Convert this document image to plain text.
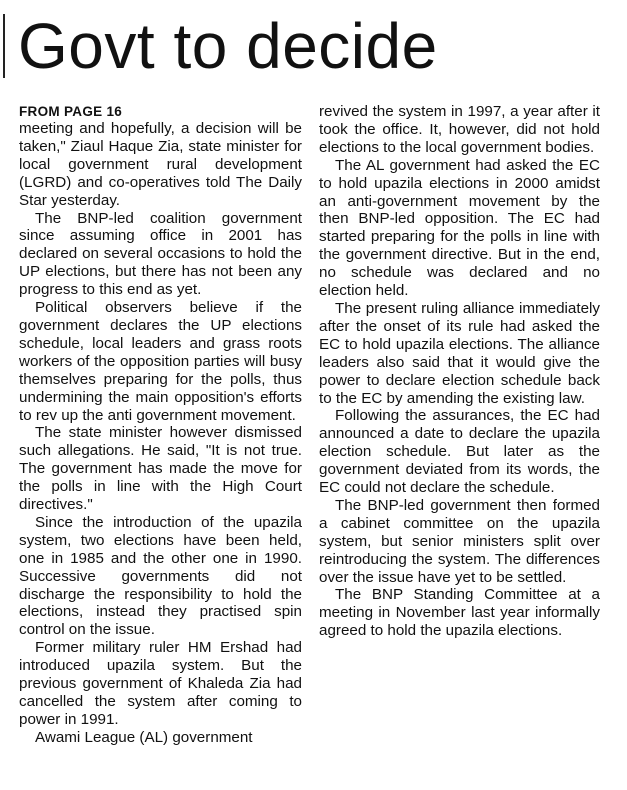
Govt to decide
FROM PAGE 16

meeting and hopefully, a decision will be taken," Ziaul Haque Zia, state minister for local government rural development (LGRD) and co-operatives told The Daily Star yesterday.

The BNP-led coalition government since assuming office in 2001 has declared on several occasions to hold the UP elections, but there has not been any progress to this end as yet.

Political observers believe if the government declares the UP elections schedule, local leaders and grass roots workers of the opposition parties will busy themselves preparing for the polls, thus undermining the main opposition's efforts to rev up the anti government movement.

The state minister however dismissed such allegations. He said, "It is not true. The government has made the move for the polls in line with the High Court directives."

Since the introduction of the upazila system, two elections have been held, one in 1985 and the other one in 1990. Successive governments did not discharge the responsibility to hold the elections, instead they practised spin control on the issue.

Former military ruler HM Ershad had introduced upazila system. But the previous government of Khaleda Zia had cancelled the system after coming to power in 1991.

Awami League (AL) government

revived the system in 1997, a year after it took the office. It, however, did not hold elections to the local government bodies.

The AL government had asked the EC to hold upazila elections in 2000 amidst an anti-government movement by the then BNP-led opposition. The EC had started preparing for the polls in line with the government directive. But in the end, no schedule was declared and no election held.

The present ruling alliance immediately after the onset of its rule had asked the EC to hold upazila elections. The alliance leaders also said that it would give the power to declare election schedule back to the EC by amending the existing law.

Following the assurances, the EC had announced a date to declare the upazila election schedule. But later as the government deviated from its words, the EC could not declare the schedule.

The BNP-led government then formed a cabinet committee on the upazila system, but senior ministers split over reintroducing the system. The differences over the issue have yet to be settled.

The BNP Standing Committee at a meeting in November last year informally agreed to hold the upazila elections.
